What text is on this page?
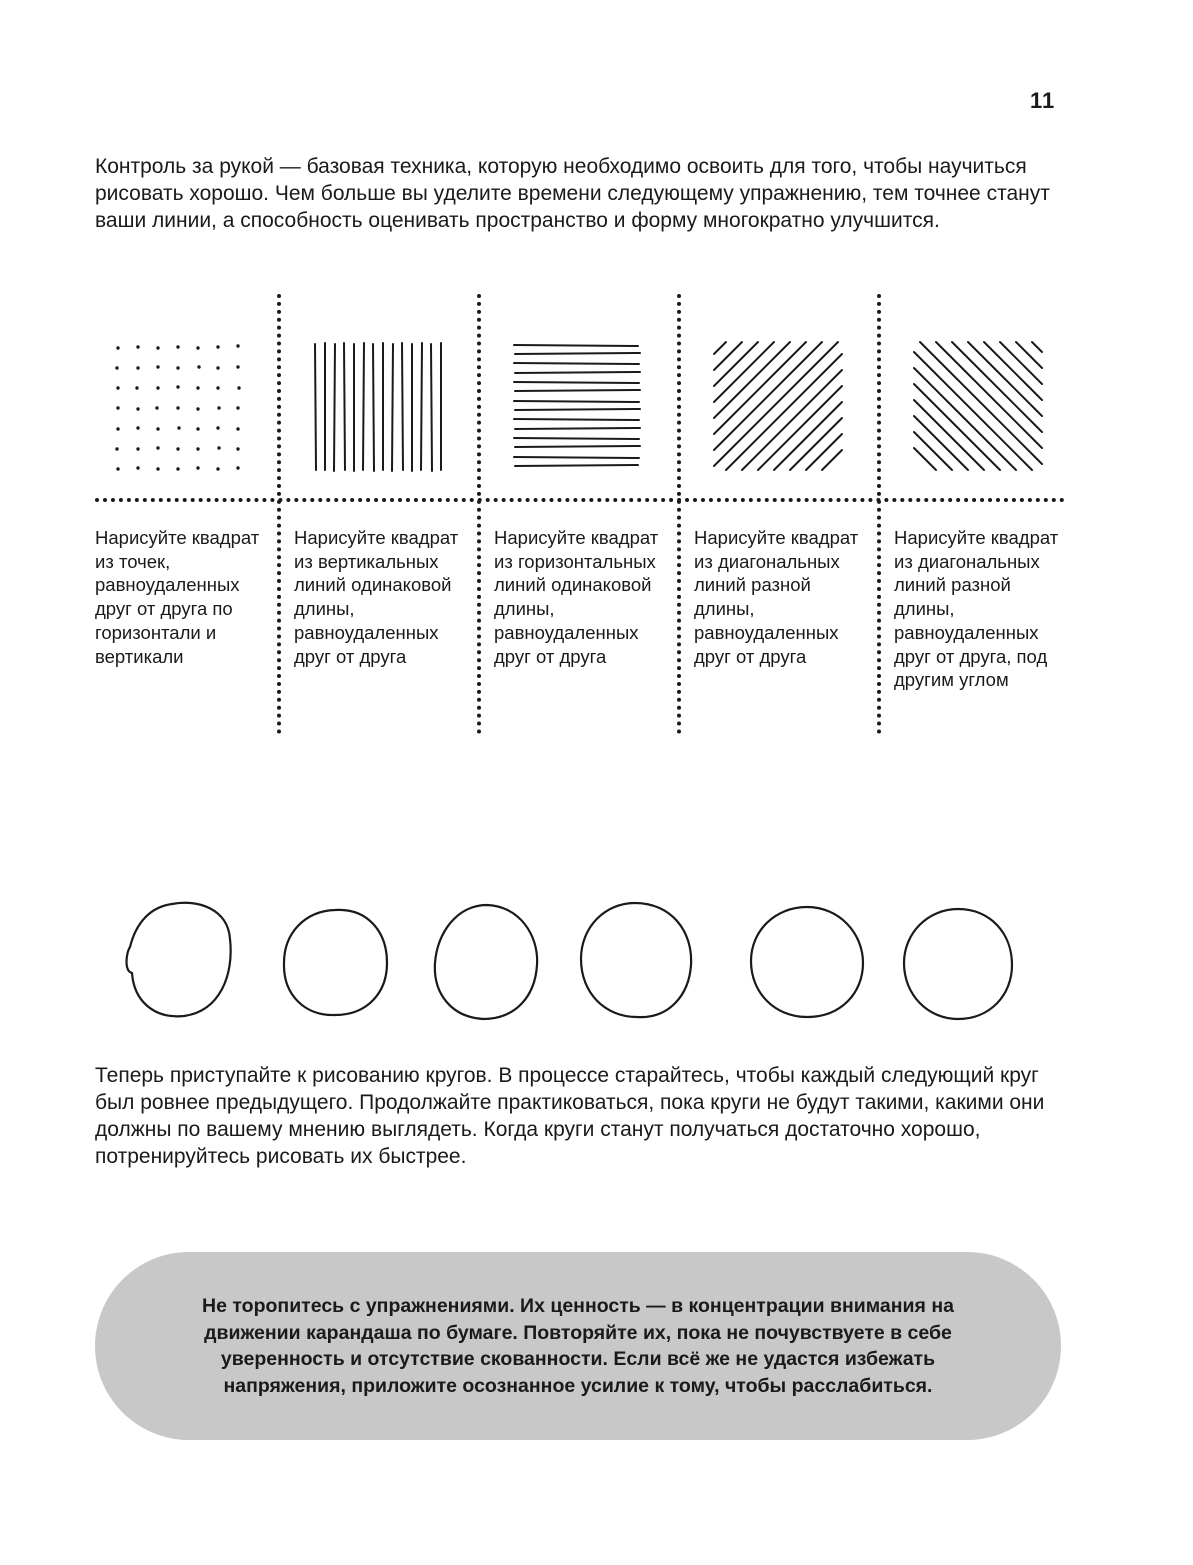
11

Контроль за рукой — базовая техника, которую необходимо освоить для того, чтобы научиться рисовать хорошо. Чем больше вы уделите времени следующему упражнению, тем точнее станут ваши линии, а способность оценивать пространство и форму многократно улучшится.

Нарисуйте квадрат из точек, равноудаленных друг от друга по горизонтали и вертикали

Нарисуйте квадрат из вертикальных линий одинаковой длины, равноудаленных друг от друга

Нарисуйте квадрат из горизонтальных линий одинаковой длины, равноудаленных друг от друга

Нарисуйте квадрат из диагональных линий разной длины, равноудаленных друг от друга

Нарисуйте квадрат из диагональных линий разной длины, равноудаленных друг от друга, под другим углом

Теперь приступайте к рисованию кругов. В процессе старайтесь, чтобы каждый следующий круг был ровнее предыдущего. Продолжайте практиковаться, пока круги не будут такими, какими они должны по вашему мнению выглядеть. Когда круги станут получаться достаточно хорошо, потренируйтесь рисовать их быстрее.

Не торопитесь с упражнениями. Их ценность — в концентрации внимания на движении карандаша по бумаге. Повторяйте их, пока не почувствуете в себе уверенность и отсутствие скованности. Если всё же не удастся избежать напряжения, приложите осознанное усилие к тому, чтобы расслабиться.
